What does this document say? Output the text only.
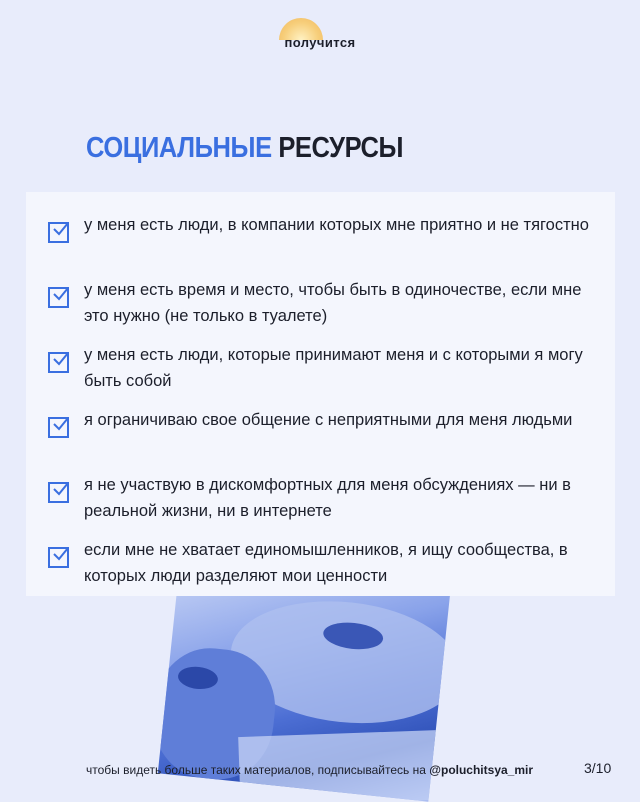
получится
СОЦИАЛЬНЫЕ РЕСУРСЫ
у меня есть люди, в компании которых мне приятно и не тягостно
у меня есть время и место, чтобы быть в одиночестве, если мне это нужно (не только в туалете)
у меня есть люди, которые принимают меня и с которыми я могу быть собой
я ограничиваю свое общение с неприятными для меня людьми
я не участвую в дискомфортных для меня обсуждениях — ни в реальной жизни, ни в интернете
если мне не хватает единомышленников, я ищу сообщества, в которых люди разделяют мои ценности
чтобы видеть больше таких материалов, подписывайтесь на @poluchitsya_mir	3/10
